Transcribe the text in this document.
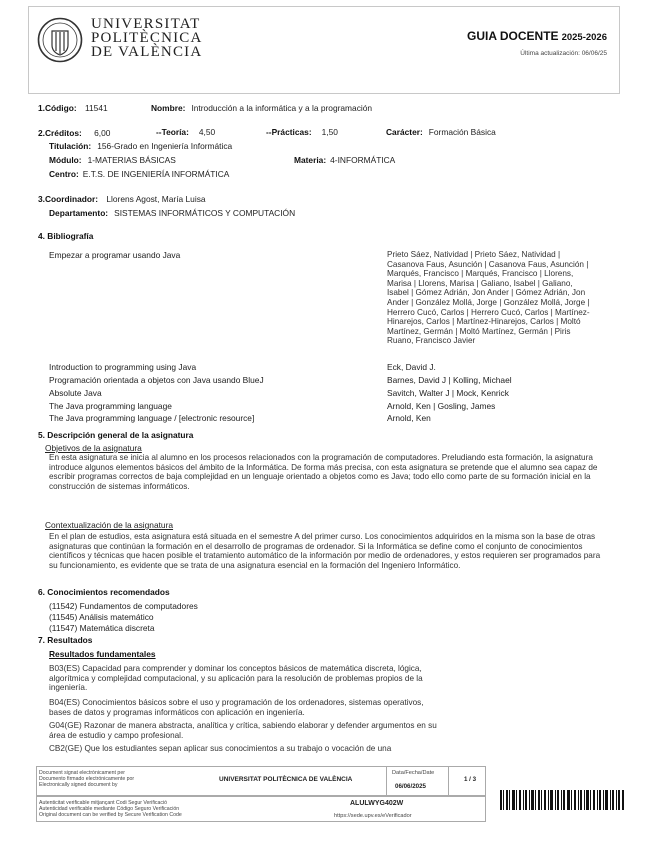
UNIVERSITAT
POLITÈCNICA
DE VALÈNCIA
GUIA DOCENTE 2025-2026
Última actualización: 06/06/25
1.Código: 11541	Nombre: Introducción a la informática y a la programación
2.Créditos: 6,00	--Teoría: 4,50	--Prácticas: 1,50	Carácter: Formación Básica
Titulación: 156-Grado en Ingeniería Informática
Módulo: 1-MATERIAS BÁSICAS	Materia: 4-INFORMÁTICA
Centro: E.T.S. DE INGENIERÍA INFORMÁTICA
3.Coordinador: Llorens Agost, María Luisa
Departamento: SISTEMAS INFORMÁTICOS Y COMPUTACIÓN
4. Bibliografía
Empezar a programar usando Java	Prieto Sáez, Natividad | Prieto Sáez, Natividad | Casanova Faus, Asunción | Casanova Faus, Asunción | Marqués, Francisco | Marqués, Francisco | Llorens, Marisa | Llorens, Marisa | Galiano, Isabel | Galiano, Isabel | Gómez Adrián, Jon Ander | Gómez Adrián, Jon Ander | González Mollá, Jorge | González Mollá, Jorge | Herrero Cucó, Carlos | Herrero Cucó, Carlos | Martínez-Hinarejos, Carlos | Martínez-Hinarejos, Carlos | Moltó Martínez, Germán | Moltó Martínez, Germán | Piris Ruano, Francisco Javier
Introduction to programming using Java	Eck, David J.
Programación orientada a objetos con Java usando BlueJ	Barnes, David J | Kolling, Michael
Absolute Java	Savitch, Walter J | Mock, Kenrick
The Java programming language	Arnold, Ken | Gosling, James
The Java programming language / [electronic resource]	Arnold, Ken
5. Descripción general de la asignatura
Objetivos de la asignatura
En esta asignatura se inicia al alumno en los procesos relacionados con la programación de computadores. Preludiando esta formación, la asignatura introduce algunos elementos básicos del ámbito de la Informática. De forma más precisa, con esta asignatura se pretende que el alumno sea capaz de escribir programas correctos de baja complejidad en un lenguaje orientado a objetos como es Java; todo ello como parte de su formación inicial en la construcción de sistemas informáticos.
Contextualización de la asignatura
En el plan de estudios, esta asignatura está situada en el semestre A del primer curso. Los conocimientos adquiridos en la misma son la base de otras asignaturas que continúan la formación en el desarrollo de programas de ordenador. Si la Informática se define como el conjunto de conocimientos científicos y técnicas que hacen posible el tratamiento automático de la información por medio de ordenadores, y estos requieren ser programados para su funcionamiento, es evidente que se trata de una asignatura esencial en la formación del Ingeniero Informático.
6. Conocimientos recomendados
(11542) Fundamentos de computadores
(11545) Análisis matemático
(11547) Matemática discreta
7. Resultados
Resultados fundamentales
B03(ES) Capacidad para comprender y dominar los conceptos básicos de matemática discreta, lógica, algorítmica y complejidad computacional, y su aplicación para la resolución de problemas propios de la ingeniería.
B04(ES) Conocimientos básicos sobre el uso y programación de los ordenadores, sistemas operativos, bases de datos y programas informáticos con aplicación en ingeniería.
G04(GE) Razonar de manera abstracta, analítica y crítica, sabiendo elaborar y defender argumentos en su área de estudio y campo profesional.
CB2(GE) Que los estudiantes sepan aplicar sus conocimientos a su trabajo o vocación de una
Document signat electrònicament per
Documento firmado electrónicamente por
Electronically signed document by
UNIVERSITAT POLITÈCNICA DE VALÈNCIA
Data/Fecha/Date
06/06/2025
1 / 3
Autenticitat verificable mitjançant Codi Segur Verificació
Autenticidad verificable mediante Código Seguro Verificación
Original document can be verified by Secure Verification Code
ALULWYG402W
https://sede.upv.es/eVerificador
